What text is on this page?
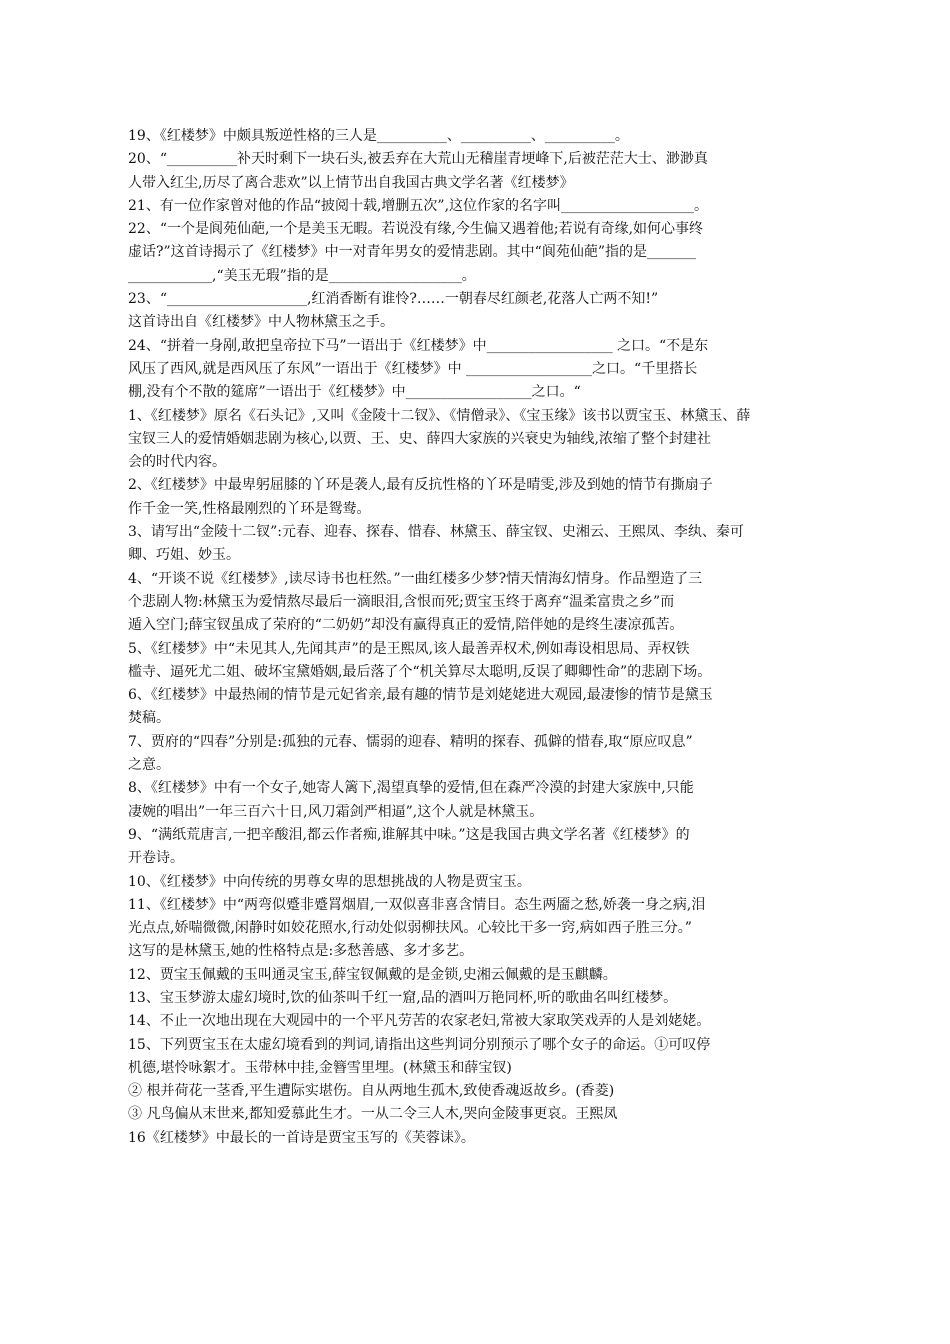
19、《红楼梦》中颇具叛逆性格的三人是__________、__________、__________。
20、“__________补天时剩下一块石头,被丢弃在大荒山无稽崖青埂峰下,后被茫茫大士、渺渺真
人带入红尘,历尽了离合悲欢”以上情节出自我国古典文学名著《红楼梦》
21、有一位作家曾对他的作品“披阅十载,增删五次”,这位作家的名字叫___________________。
22、“一个是阆苑仙葩,一个是美玉无暇。若说没有缘,今生偏又遇着他;若说有奇缘,如何心事终
虚话?”这首诗揭示了《红楼梦》中一对青年男女的爱情悲剧。其中“阆苑仙葩”指的是_______
____________,“美玉无瑕”指的是___________________。
23、“____________________,红消香断有谁怜?……一朝春尽红颜老,花落人亡两不知!”
这首诗出自《红楼梦》中人物林黛玉之手。
24、“拼着一身剐,敢把皇帝拉下马”一语出于《红楼梦》中__________________ 之口。“不是东
风压了西风,就是西风压了东风”一语出于《红楼梦》中 __________________之口。“千里搭长
棚,没有个不散的筵席”一语出于《红楼梦》中__________________之口。“
1、《红楼梦》原名《石头记》,又叫《金陵十二钗》、《情僧录》、《宝玉缘》该书以贾宝玉、林黛玉、薛
宝钗三人的爱情婚姻悲剧为核心,以贾、王、史、薛四大家族的兴衰史为轴线,浓缩了整个封建社
会的时代内容。
2、《红楼梦》中最卑躬屈膝的丫环是袭人,最有反抗性格的丫环是晴雯,涉及到她的情节有撕扇子
作千金一笑,性格最刚烈的丫环是鸳鸯。
3、请写出“金陵十二钗”:元春、迎春、探春、惜春、林黛玉、薛宝钗、史湘云、王熙凤、李纨、秦可
卿、巧姐、妙玉。
4、“开谈不说《红楼梦》,读尽诗书也枉然。”一曲红楼多少梦?情天情海幻情身。作品塑造了三
个悲剧人物:林黛玉为爱情熬尽最后一滴眼泪,含恨而死;贾宝玉终于离弃“温柔富贵之乡”而
遁入空门;薛宝钗虽成了荣府的“二奶奶”却没有赢得真正的爱情,陪伴她的是终生凄凉孤苦。
5、《红楼梦》中“未见其人,先闻其声”的是王熙凤,该人最善弄权术,例如毒设相思局、弄权铁
槛寺、逼死尤二姐、破坏宝黛婚姻,最后落了个“机关算尽太聪明,反误了卿卿性命”的悲剧下场。
6、《红楼梦》中最热闹的情节是元妃省亲,最有趣的情节是刘姥姥进大观园,最凄惨的情节是黛玉
焚稿。
7、贾府的“四春”分别是:孤独的元春、懦弱的迎春、精明的探春、孤僻的惜春,取“原应叹息”
之意。
8、《红楼梦》中有一个女子,她寄人篱下,渴望真挚的爱情,但在森严冷漠的封建大家族中,只能
凄婉的唱出”一年三百六十日,风刀霜剑严相逼”,这个人就是林黛玉。
9、“满纸荒唐言,一把辛酸泪,都云作者痴,谁解其中味。”这是我国古典文学名著《红楼梦》的
开卷诗。
10、《红楼梦》中向传统的男尊女卑的思想挑战的人物是贾宝玉。
11、《红楼梦》中“两弯似蹙非蹙罥烟眉,一双似喜非喜含情目。态生两靥之愁,娇袭一身之病,泪
光点点,娇喘微微,闲静时如姣花照水,行动处似弱柳扶风。心较比干多一窍,病如西子胜三分。”
这写的是林黛玉,她的性格特点是:多愁善感、多才多艺。
12、贾宝玉佩戴的玉叫通灵宝玉,薛宝钗佩戴的是金锁,史湘云佩戴的是玉麒麟。
13、宝玉梦游太虚幻境时,饮的仙茶叫千红一窟,品的酒叫万艳同杯,听的歌曲名叫红楼梦。
14、不止一次地出现在大观园中的一个平凡劳苦的农家老妇,常被大家取笑戏弄的人是刘姥姥。
15、下列贾宝玉在太虚幻境看到的判词,请指出这些判词分别预示了哪个女子的命运。①可叹停
机德,堪怜咏絮才。玉带林中挂,金簪雪里埋。(林黛玉和薛宝钗)
② 根并荷花一茎香,平生遭际实堪伤。自从两地生孤木,致使香魂返故乡。(香菱)
③ 凡鸟偏从末世来,都知爱慕此生才。一从二令三人木,哭向金陵事更哀。王熙凤
16《红楼梦》中最长的一首诗是贾宝玉写的《芙蓉诔》。
